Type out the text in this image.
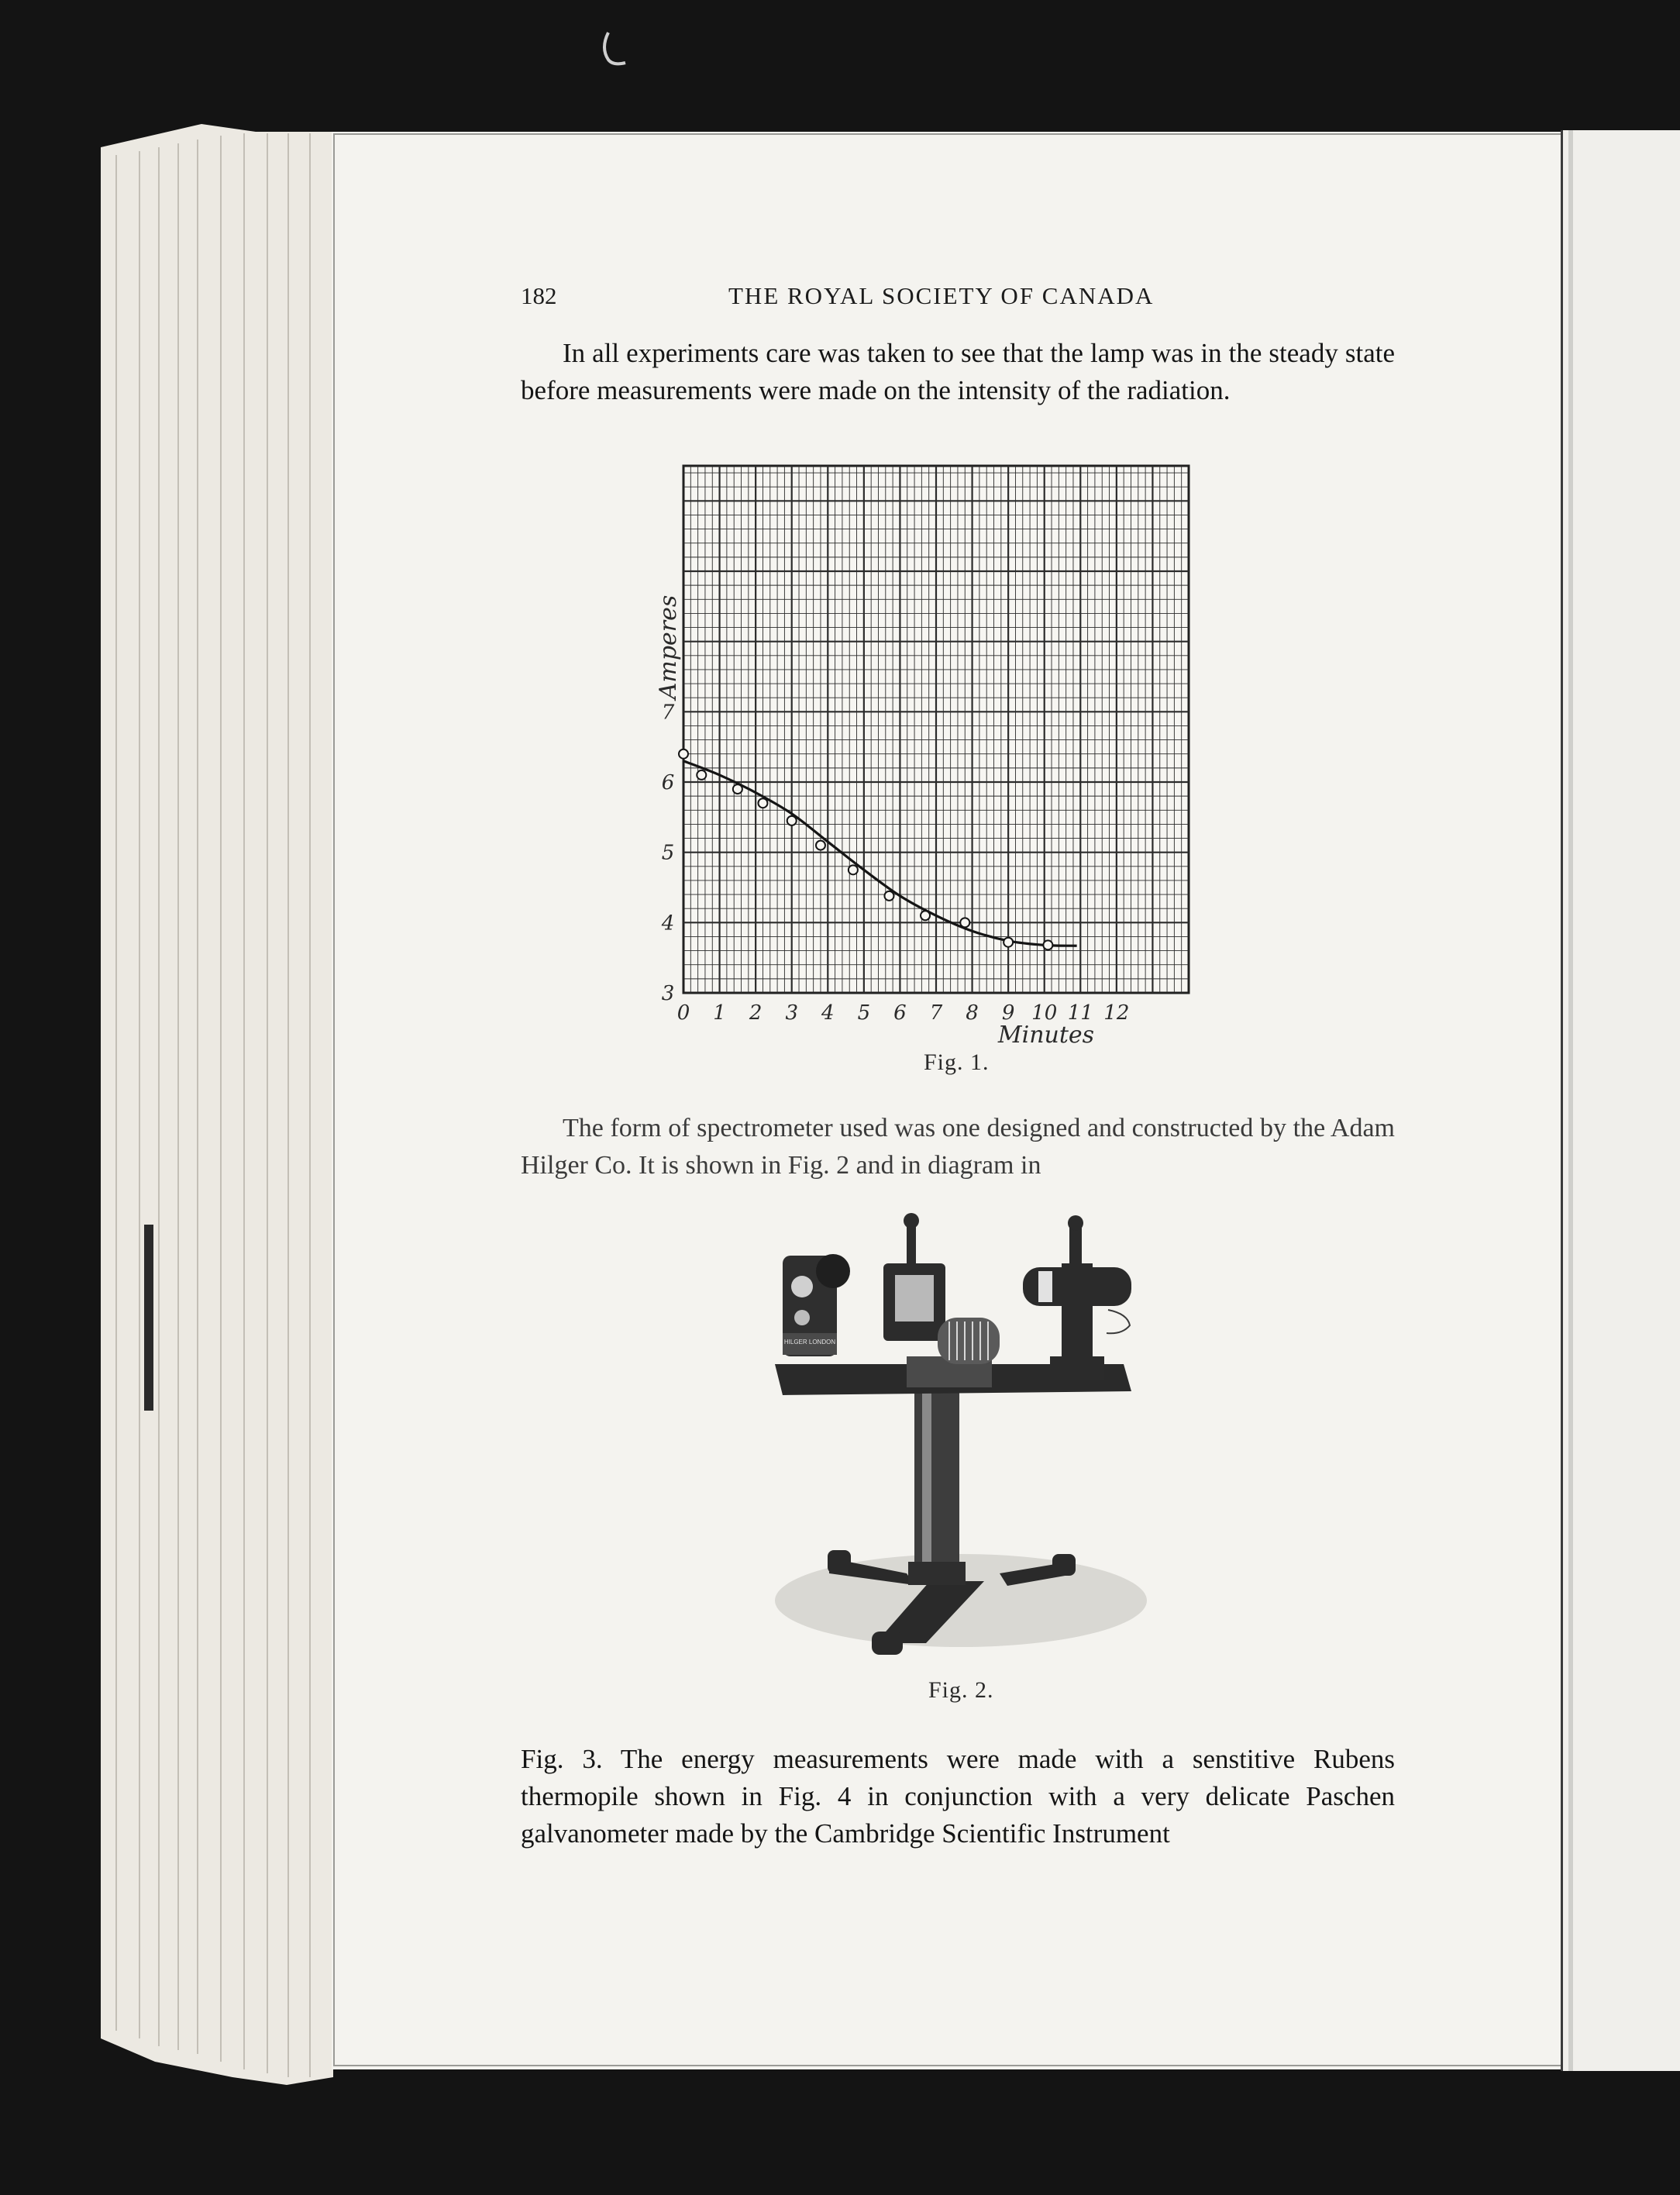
182	THE ROYAL SOCIETY OF CANADA

In all experiments care was taken to see that the lamp was in the steady state before measurements were made on the intensity of the radiation.

0 1 2 3 4 5 6 7 8 9 10 11 12
3
4
5
6
7
Amperes
Minutes
Fig. 1.

The form of spectrometer used was one designed and constructed by the Adam Hilger Co. It is shown in Fig. 2 and in diagram in

HILGER LONDON
Fig. 2.

Fig. 3. The energy measurements were made with a senstitive Rubens thermopile shown in Fig. 4 in conjunction with a very delicate Paschen galvanometer made by the Cambridge Scientific Instrument
